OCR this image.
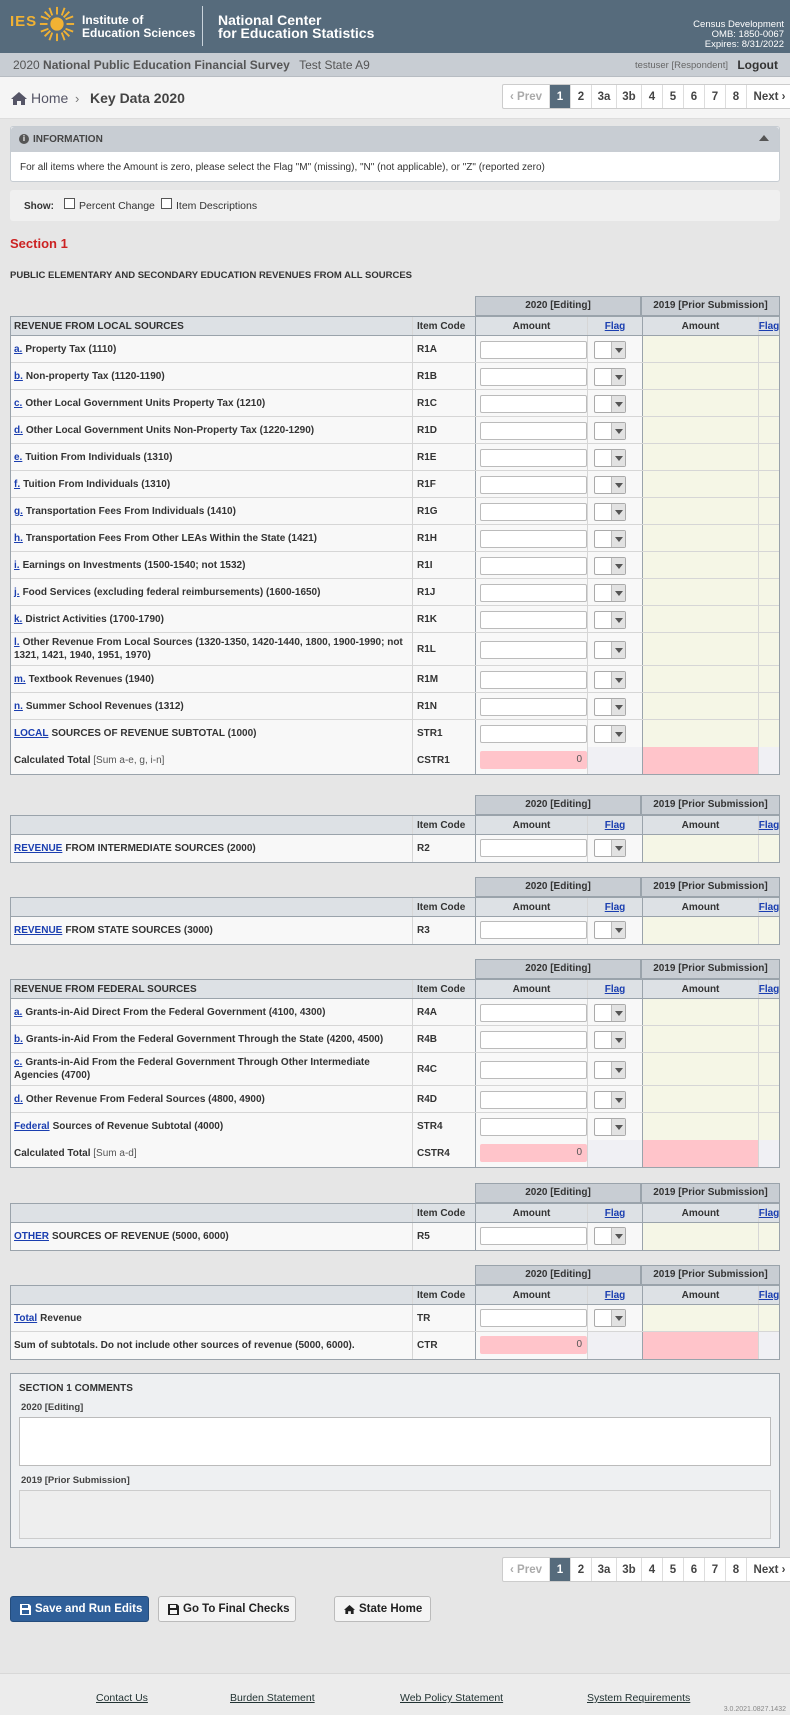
IES	Institute of
Education Sciences
National Center
for Education Statistics
Census Development
OMB: 1850-0067
Expires: 8/31/2022
2020 National Public Education Financial Survey Test State A9	testuser [Respondent] Logout
Home › Key Data 2020	‹ Prev	1	2	3a	3b	4	5	6	7	8	Next ›
i INFORMATION
For all items where the Amount is zero, please select the Flag "M" (missing), "N" (not applicable), or "Z" (reported zero)
Show: Percent Change Item Descriptions
Section 1
PUBLIC ELEMENTARY AND SECONDARY EDUCATION REVENUES FROM ALL SOURCES
2020 [Editing]	2019 [Prior Submission]
REVENUE FROM LOCAL SOURCES	Item Code	Amount	Flag	Amount	Flag
a. Property Tax (1110)	R1A
b. Non-property Tax (1120-1190)	R1B
c. Other Local Government Units Property Tax (1210)	R1C
d. Other Local Government Units Non-Property Tax (1220-1290)	R1D
e. Tuition From Individuals (1310)	R1E
f. Tuition From Individuals (1310)	R1F
g. Transportation Fees From Individuals (1410)	R1G
h. Transportation Fees From Other LEAs Within the State (1421)	R1H
i. Earnings on Investments (1500-1540; not 1532)	R1I
j. Food Services (excluding federal reimbursements) (1600-1650)	R1J
k. District Activities (1700-1790)	R1K
l. Other Revenue From Local Sources (1320-1350, 1420-1440, 1800, 1900-1990; not 1321, 1421, 1940, 1951, 1970)
R1L
m. Textbook Revenues (1940)	R1M
n. Summer School Revenues (1312)	R1N
LOCAL SOURCES OF REVENUE SUBTOTAL (1000)	STR1
Calculated Total
[Sum a-e, g, i-n]	CSTR1	0
2020 [Editing]	2019 [Prior Submission]
Item Code	Amount	Flag	Amount	Flag
REVENUE FROM INTERMEDIATE SOURCES (2000)	R2
2020 [Editing]	2019 [Prior Submission]
Item Code	Amount	Flag	Amount	Flag
REVENUE FROM STATE SOURCES (3000)	R3
2020 [Editing]	2019 [Prior Submission]
REVENUE FROM FEDERAL SOURCES	Item Code	Amount	Flag	Amount	Flag
a. Grants-in-Aid Direct From the Federal Government (4100, 4300)	R4A
b. Grants-in-Aid From the Federal Government Through the State (4200, 4500)	R4B
c. Grants-in-Aid From the Federal Government Through Other Intermediate Agencies (4700)
R4C
d. Other Revenue From Federal Sources (4800, 4900)	R4D
Federal Sources of Revenue Subtotal (4000)	STR4
Calculated Total
[Sum a-d]	CSTR4	0
2020 [Editing]	2019 [Prior Submission]
Item Code	Amount	Flag	Amount	Flag
OTHER SOURCES OF REVENUE (5000, 6000)	R5
2020 [Editing]	2019 [Prior Submission]
Item Code	Amount	Flag	Amount	Flag
Total Revenue	TR
Sum of subtotals. Do not include other sources of revenue (5000, 6000).	CTR	0
SECTION 1 COMMENTS
2020 [Editing]
2019 [Prior Submission]
‹ Prev	1	2	3a	3b	4	5	6	7	8	Next ›
Save and Run Edits	Go To Final Checks	State Home
Contact Us	Burden Statement	Web Policy Statement	System Requirements
3.0.2021.0827.1432
